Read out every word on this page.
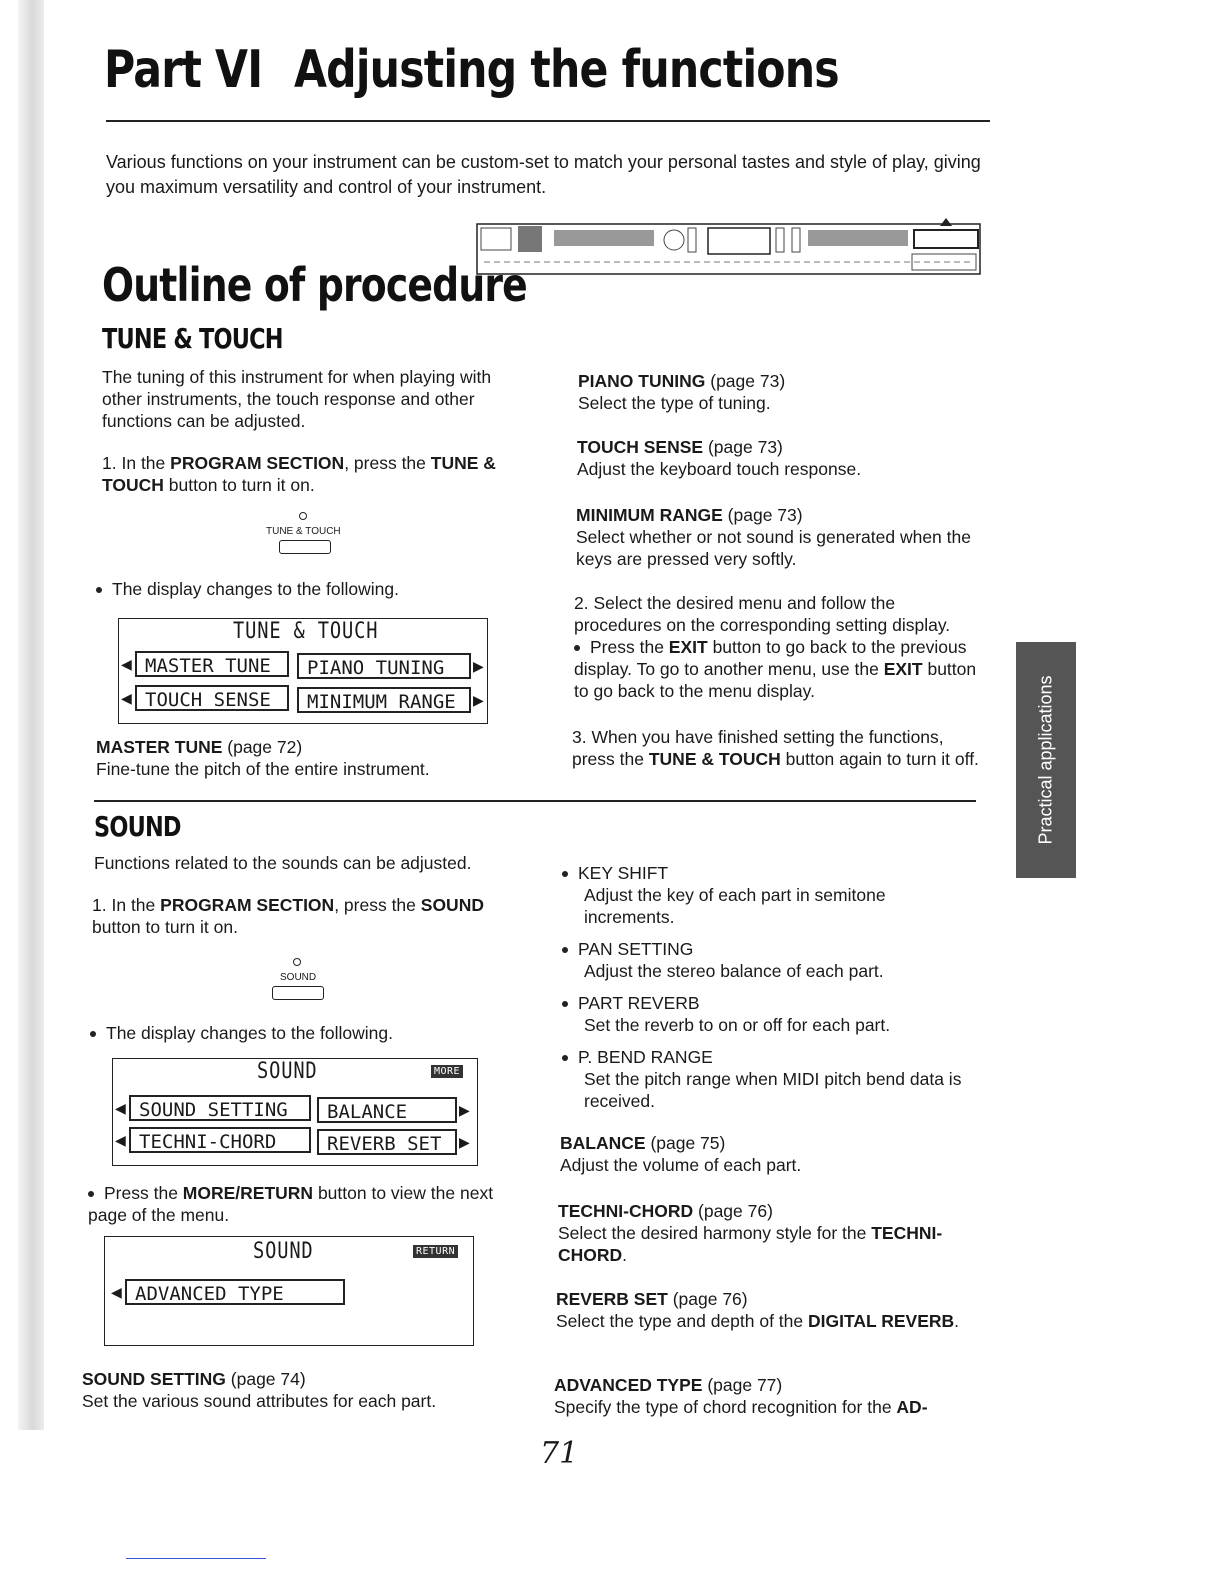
Part VI Adjusting the functions
Various functions on your instrument can be custom-set to match your personal tastes and style of play, giving you maximum versatility and control of your instrument.
Outline of procedure
TUNE & TOUCH
The tuning of this instrument for when playing with other instruments, the touch response and other functions can be adjusted.
1. In the PROGRAM SECTION, press the TUNE & TOUCH button to turn it on.
TUNE & TOUCH
The display changes to the following.
TUNE & TOUCH
◀ MASTER TUNE	PIANO TUNING	▶
◀ TOUCH SENSE	MINIMUM RANGE	▶
MASTER TUNE (page 72)
Fine-tune the pitch of the entire instrument.
PIANO TUNING (page 73)
Select the type of tuning.
TOUCH SENSE (page 73)
Adjust the keyboard touch response.
MINIMUM RANGE (page 73)
Select whether or not sound is generated when the keys are pressed very softly.
2. Select the desired menu and follow the procedures on the corresponding setting display.
Press the EXIT button to go back to the previous display. To go to another menu, use the EXIT button to go back to the menu display.
3. When you have finished setting the functions, press the TUNE & TOUCH button again to turn it off.
SOUND
Functions related to the sounds can be adjusted.
1. In the PROGRAM SECTION, press the SOUND button to turn it on.
SOUND
The display changes to the following.
SOUND	MORE
◀ SOUND SETTING	BALANCE	▶
◀ TECHNI-CHORD	REVERB SET	▶
Press the MORE/RETURN button to view the next page of the menu.
SOUND	RETURN
◀ ADVANCED TYPE
SOUND SETTING (page 74)
Set the various sound attributes for each part.
KEY SHIFT
Adjust the key of each part in semitone increments.
PAN SETTING
Adjust the stereo balance of each part.
PART REVERB
Set the reverb to on or off for each part.
P. BEND RANGE
Set the pitch range when MIDI pitch bend data is received.
BALANCE (page 75)
Adjust the volume of each part.
TECHNI-CHORD (page 76)
Select the desired harmony style for the TECHNI-CHORD.
REVERB SET (page 76)
Select the type and depth of the DIGITAL REVERB.
ADVANCED TYPE (page 77)
Specify the type of chord recognition for the AD-
Practical applications
71
